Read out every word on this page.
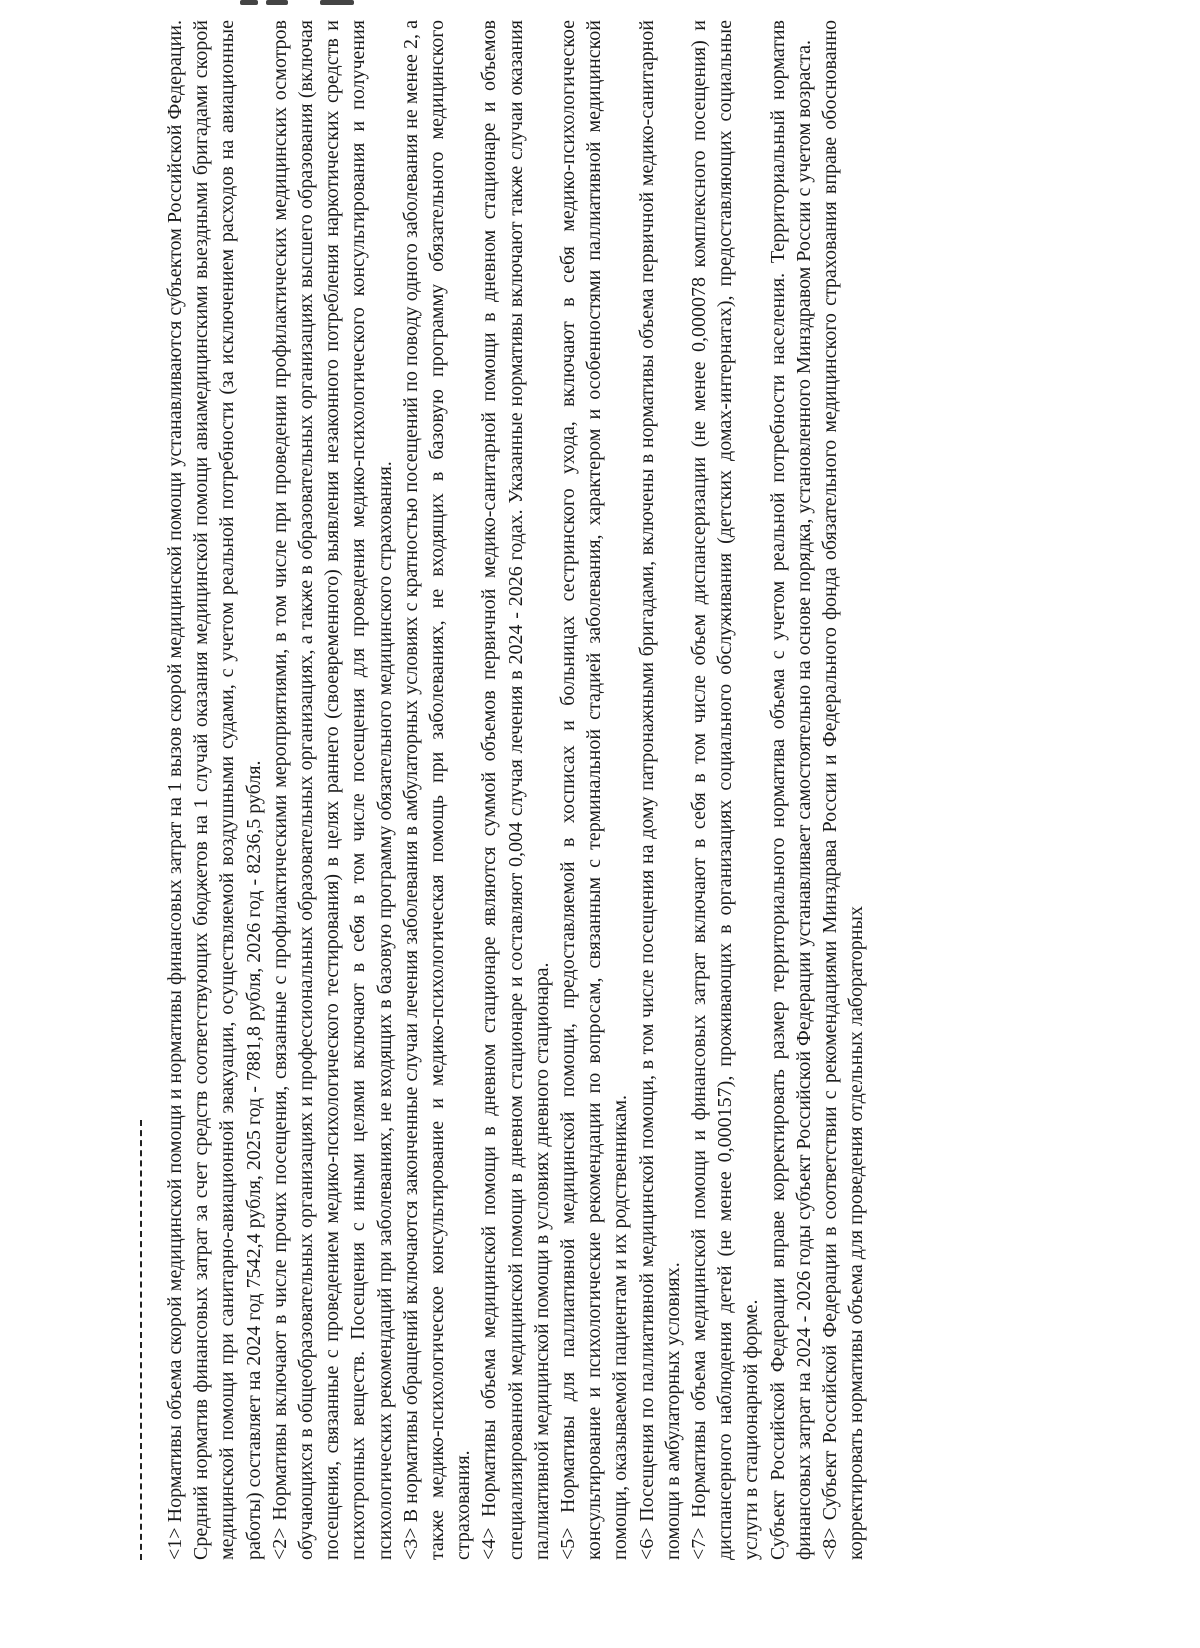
<1> Нормативы объема скорой медицинской помощи и нормативы финансовых затрат на 1 вызов скорой медицинской помощи устанавливаются субъектом Российской Федерации. Средний норматив финансовых затрат за счет средств соответствующих бюджетов на 1 случай оказания медицинской помощи авиамедицинскими выездными бригадами скорой медицинской помощи при санитарно-авиационной эвакуации, осуществляемой воздушными судами, с учетом реальной потребности (за исключением расходов на авиационные работы) составляет на 2024 год 7542,4 рубля, 2025 год - 7881,8 рубля, 2026 год - 8236,5 рубля. <2> Нормативы включают в числе прочих посещения, связанные с профилактическими мероприятиями, в том числе при проведении профилактических медицинских осмотров обучающихся в общеобразовательных организациях и профессиональных образовательных организациях, а также в образовательных организациях высшего образования (включая посещения, связанные с проведением медико-психологического тестирования) в целях раннего (своевременного) выявления незаконного потребления наркотических средств и психотропных веществ. Посещения с иными целями включают в себя в том числе посещения для проведения медико-психологического консультирования и получения психологических рекомендаций при заболеваниях, не входящих в базовую программу обязательного медицинского страхования. <3> В нормативы обращений включаются законченные случаи лечения заболевания в амбулаторных условиях с кратностью посещений по поводу одного заболевания не менее 2, а также медико-психологическое консультирование и медико-психологическая помощь при заболеваниях, не входящих в базовую программу обязательного медицинского страхования. <4> Нормативы объема медицинской помощи в дневном стационаре являются суммой объемов первичной медико-санитарной помощи в дневном стационаре и объемов специализированной медицинской помощи в дневном стационаре и составляют 0,004 случая лечения в 2024 - 2026 годах. Указанные нормативы включают также случаи оказания паллиативной медицинской помощи в условиях дневного стационара. <5> Нормативы для паллиативной медицинской помощи, предоставляемой в хосписах и больницах сестринского ухода, включают в себя медико-психологическое консультирование и психологические рекомендации по вопросам, связанным с терминальной стадией заболевания, характером и особенностями паллиативной медицинской помощи, оказываемой пациентам и их родственникам. <6> Посещения по паллиативной медицинской помощи, в том числе посещения на дому патронажными бригадами, включены в нормативы объема первичной медико-санитарной помощи в амбулаторных условиях. <7> Нормативы объема медицинской помощи и финансовых затрат включают в себя в том числе объем диспансеризации (не менее 0,000078 комплексного посещения) и диспансерного наблюдения детей (не менее 0,000157), проживающих в организациях социального обслуживания (детских домах-интернатах), предоставляющих социальные услуги в стационарной форме. Субъект Российской Федерации вправе корректировать размер территориального норматива объема с учетом реальной потребности населения. Территориальный норматив финансовых затрат на 2024 - 2026 годы субъект Российской Федерации устанавливает самостоятельно на основе порядка, установленного Минздравом России с учетом возраста. <8> Субъект Российской Федерации в соответствии с рекомендациями Минздрава России и Федерального фонда обязательного медицинского страхования вправе обоснованно корректировать нормативы объема для проведения отдельных лабораторных
